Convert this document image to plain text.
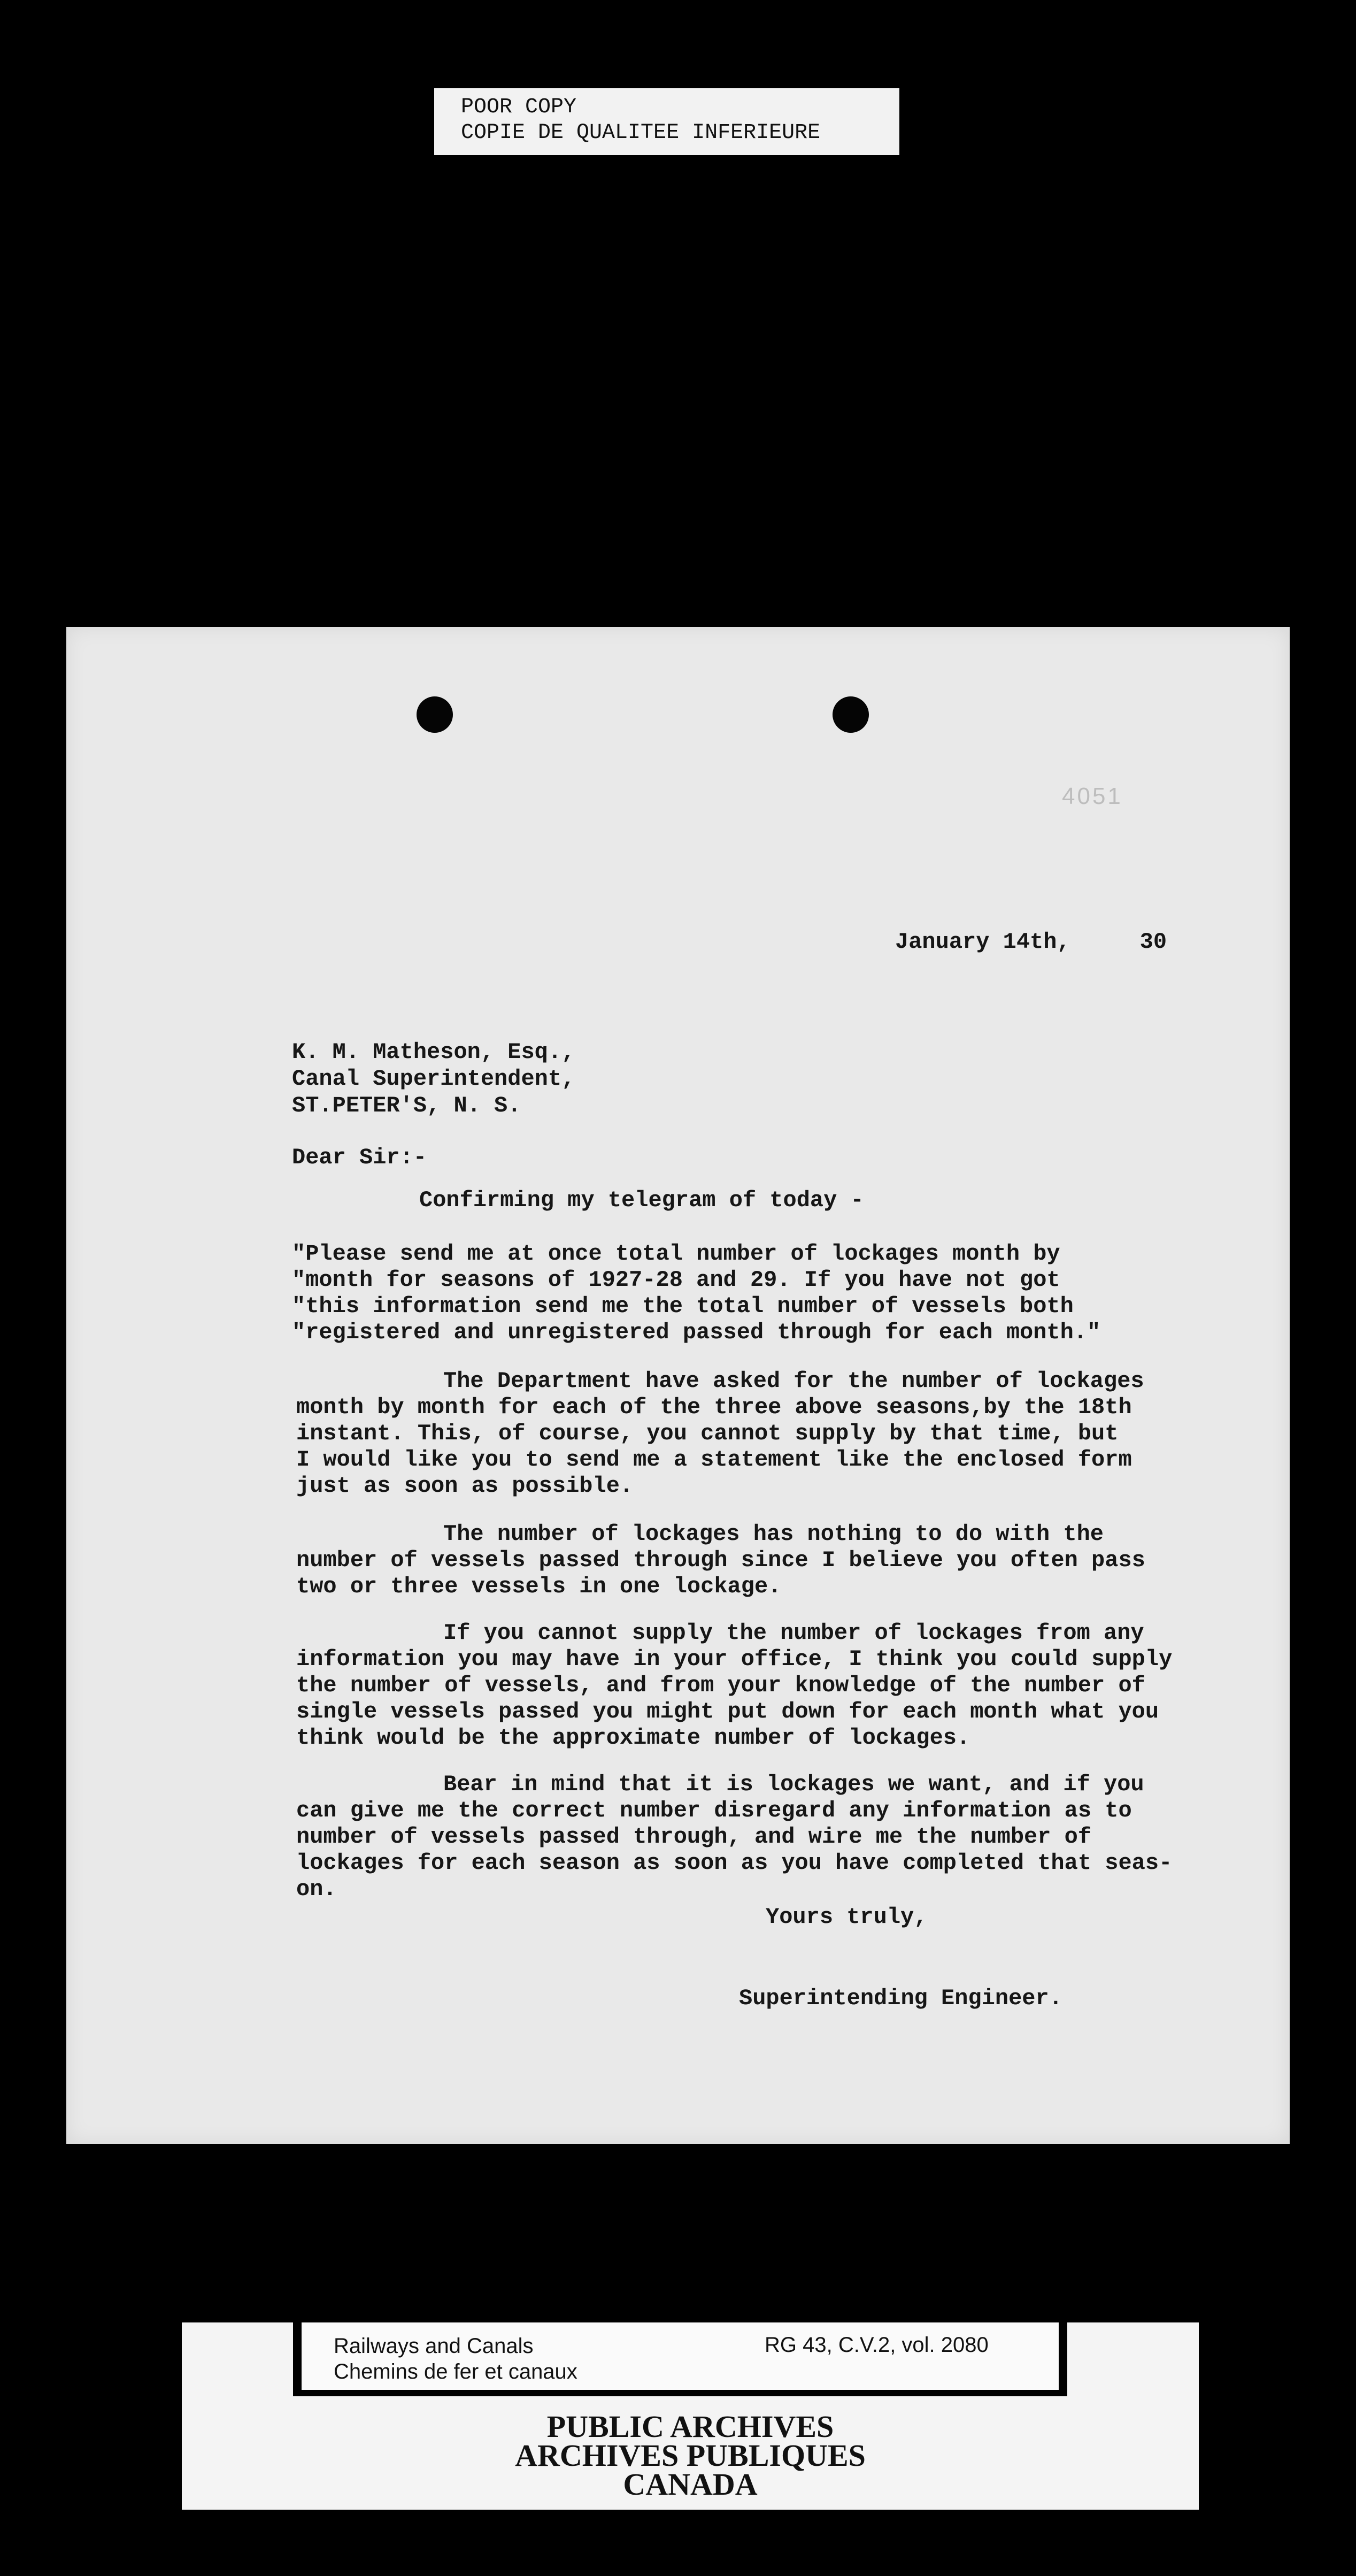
POOR COPY
COPIE DE QUALITEE INFERIEURE
4051
January 14th,	30
K. M. Matheson, Esq.,
Canal Superintendent,
ST.PETER'S, N. S.
Dear Sir:-
Confirming my telegram of today -
"Please send me at once total number of lockages month by
"month for seasons of 1927-28 and 29. If you have not got
"this information send me the total number of vessels both
"registered and unregistered passed through for each month."
The Department have asked for the number of lockages
month by month for each of the three above seasons,by the 18th
instant. This, of course, you cannot supply by that time, but
I would like you to send me a statement like the enclosed form
just as soon as possible.
The number of lockages has nothing to do with the
number of vessels passed through since I believe you often pass
two or three vessels in one lockage.
If you cannot supply the number of lockages from any
information you may have in your office, I think you could supply
the number of vessels, and from your knowledge of the number of
single vessels passed you might put down for each month what you
think would be the approximate number of lockages.
Bear in mind that it is lockages we want, and if you
can give me the correct number disregard any information as to
number of vessels passed through, and wire me the number of
lockages for each season as soon as you have completed that seas-
on.
Yours truly,
Superintending Engineer.
Railways and Canals
Chemins de fer et canaux
RG 43, C.V.2, vol. 2080
PUBLIC ARCHIVES
ARCHIVES PUBLIQUES
CANADA
